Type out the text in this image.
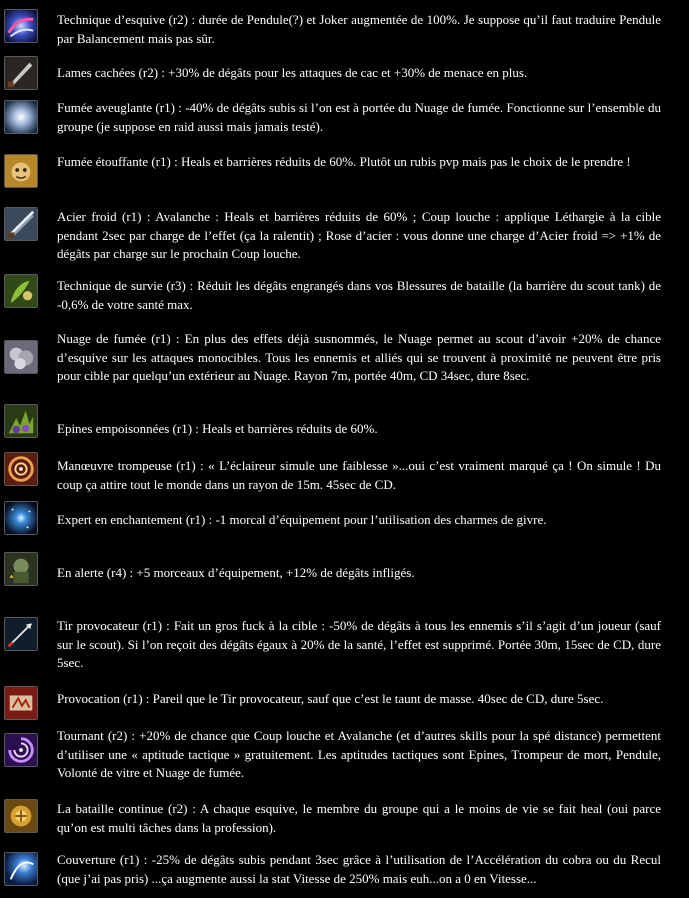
Technique d’esquive (r2) : durée de Pendule(?) et Joker augmentée de 100%. Je suppose qu’il faut traduire Pendule par Balancement mais pas sûr.
Lames cachées (r2) : +30% de dégâts pour les attaques de cac et +30% de menace en plus.
Fumée aveuglante (r1) : -40% de dégâts subis si l’on est à portée du Nuage de fumée. Fonctionne sur l’ensemble du groupe (je suppose en raid aussi mais jamais testé).
Fumée étouffante (r1) : Heals et barrières réduits de 60%. Plutôt un rubis pvp mais pas le choix de le prendre !
Acier froid (r1) : Avalanche : Heals et barrières réduits de 60% ; Coup louche : applique Léthargie à la cible pendant 2sec par charge de l’effet (ça la ralentit) ; Rose d’acier : vous donne une charge d’Acier froid => +1% de dégâts par charge sur le prochain Coup louche.
Technique de survie (r3) : Réduit les dégâts engrangés dans vos Blessures de bataille (la barrière du scout tank) de -0,6% de votre santé max.
Nuage de fumée (r1) : En plus des effets déjà susnommés, le Nuage permet au scout d’avoir +20% de chance d’esquive sur les attaques monocibles. Tous les ennemis et alliés qui se trouvent à proximité ne peuvent être pris pour cible par quelqu’un extérieur au Nuage. Rayon 7m, portée 40m, CD 34sec, dure 8sec.
Epines empoisonnées (r1) : Heals et barrières réduits de 60%.
Manœuvre trompeuse (r1) : « L’éclaireur simule une faiblesse »...oui c’est vraiment marqué ça ! On simule ! Du coup ça attire tout le monde dans un rayon de 15m. 45sec de CD.
Expert en enchantement (r1) : -1 morcal d’équipement pour l’utilisation des charmes de givre.
En alerte (r4) : +5 morceaux d’équipement, +12% de dégâts infligés.
Tir provocateur (r1) : Fait un gros fuck à la cible : -50% de dégâts à tous les ennemis s’il s’agit d’un joueur (sauf sur le scout). Si l’on reçoit des dégâts égaux à 20% de la santé, l’effet est supprimé. Portée 30m, 15sec de CD, dure 5sec.
Provocation (r1) : Pareil que le Tir provocateur, sauf que c’est le taunt de masse. 40sec de CD, dure 5sec.
Tournant (r2) : +20% de chance que Coup louche et Avalanche (et d’autres skills pour la spé distance) permettent d’utiliser une « aptitude tactique » gratuitement. Les aptitudes tactiques sont Epines, Trompeur de mort, Pendule, Volonté de vitre et Nuage de fumée.
La bataille continue (r2) : A chaque esquive, le membre du groupe qui a le moins de vie se fait heal (oui parce qu’on est multi tâches dans la profession).
Couverture (r1) : -25% de dégâts subis pendant 3sec grâce à l’utilisation de l’Accélération du cobra ou du Recul (que j’ai pas pris) ...ça augmente aussi la stat Vitesse de 250% mais euh...on a 0 en Vitesse...
